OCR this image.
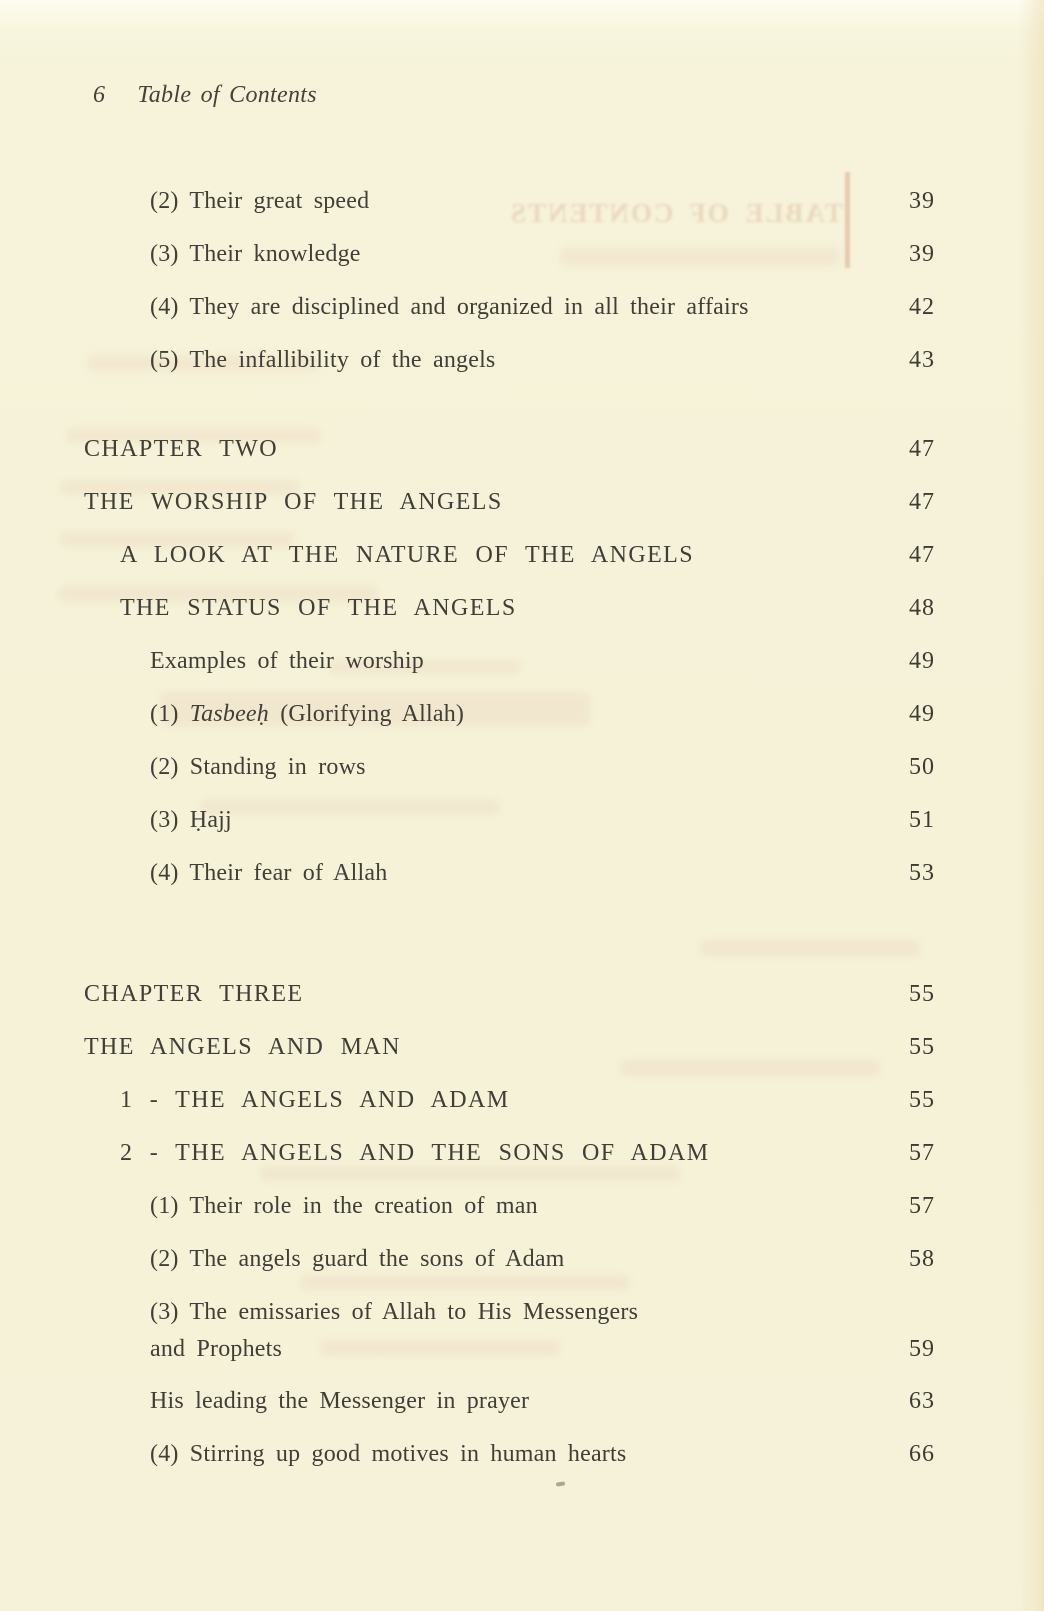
6 Table of Contents
TABLE OF CONTENTS
(2) Their great speed	39
(3) Their knowledge	39
(4) They are disciplined and organized in all their affairs	42
(5) The infallibility of the angels	43
CHAPTER TWO	47
THE WORSHIP OF THE ANGELS	47
A LOOK AT THE NATURE OF THE ANGELS	47
THE STATUS OF THE ANGELS	48
Examples of their worship	49
(1) Tasbeeḥ (Glorifying Allah)	49
(2) Standing in rows	50
(3) Ḥajj	51
(4) Their fear of Allah	53
CHAPTER THREE	55
THE ANGELS AND MAN	55
1 - THE ANGELS AND ADAM	55
2 - THE ANGELS AND THE SONS OF ADAM	57
(1) Their role in the creation of man	57
(2) The angels guard the sons of Adam	58
(3) The emissaries of Allah to His Messengers
and Prophets	59
His leading the Messenger in prayer	63
(4) Stirring up good motives in human hearts	66
